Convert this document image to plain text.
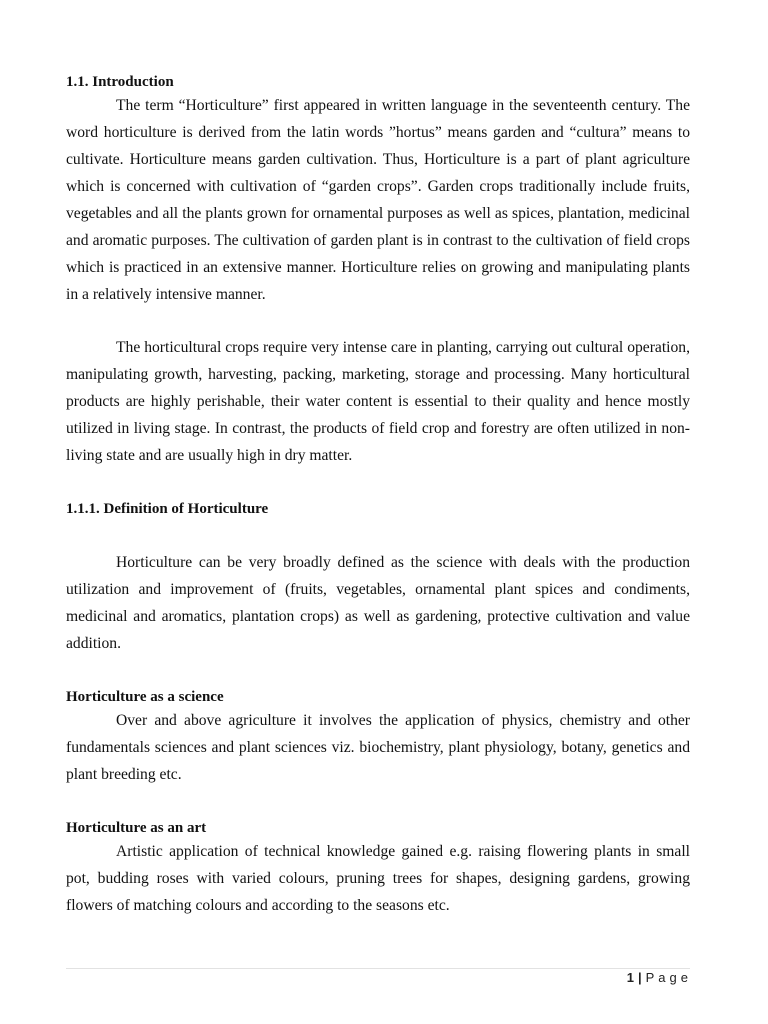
1.1. Introduction

The term “Horticulture” first appeared in written language in the seventeenth century. The word horticulture is derived from the latin words ”hortus” means garden and “cultura” means to cultivate. Horticulture means garden cultivation. Thus, Horticulture is a part of plant agriculture which is concerned with cultivation of “garden crops”. Garden crops traditionally include fruits, vegetables and all the plants grown for ornamental purposes as well as spices, plantation, medicinal and aromatic purposes. The cultivation of garden plant is in contrast to the cultivation of field crops which is practiced in an extensive manner. Horticulture relies on growing and manipulating plants in a relatively intensive manner.

The horticultural crops require very intense care in planting, carrying out cultural operation, manipulating growth, harvesting, packing, marketing, storage and processing. Many horticultural products are highly perishable, their water content is essential to their quality and hence mostly utilized in living stage. In contrast, the products of field crop and forestry are often utilized in non-living state and are usually high in dry matter.

1.1.1. Definition of Horticulture

Horticulture can be very broadly defined as the science with deals with the production utilization and improvement of (fruits, vegetables, ornamental plant spices and condiments, medicinal and aromatics, plantation crops) as well as gardening, protective cultivation and value addition.

Horticulture as a science

Over and above agriculture it involves the application of physics, chemistry and other fundamentals sciences and plant sciences viz. biochemistry, plant physiology, botany, genetics and plant breeding etc.

Horticulture as an art

Artistic application of technical knowledge gained e.g. raising flowering plants in small pot, budding roses with varied colours, pruning trees for shapes, designing gardens, growing flowers of matching colours and according to the seasons etc.

1 | Page
